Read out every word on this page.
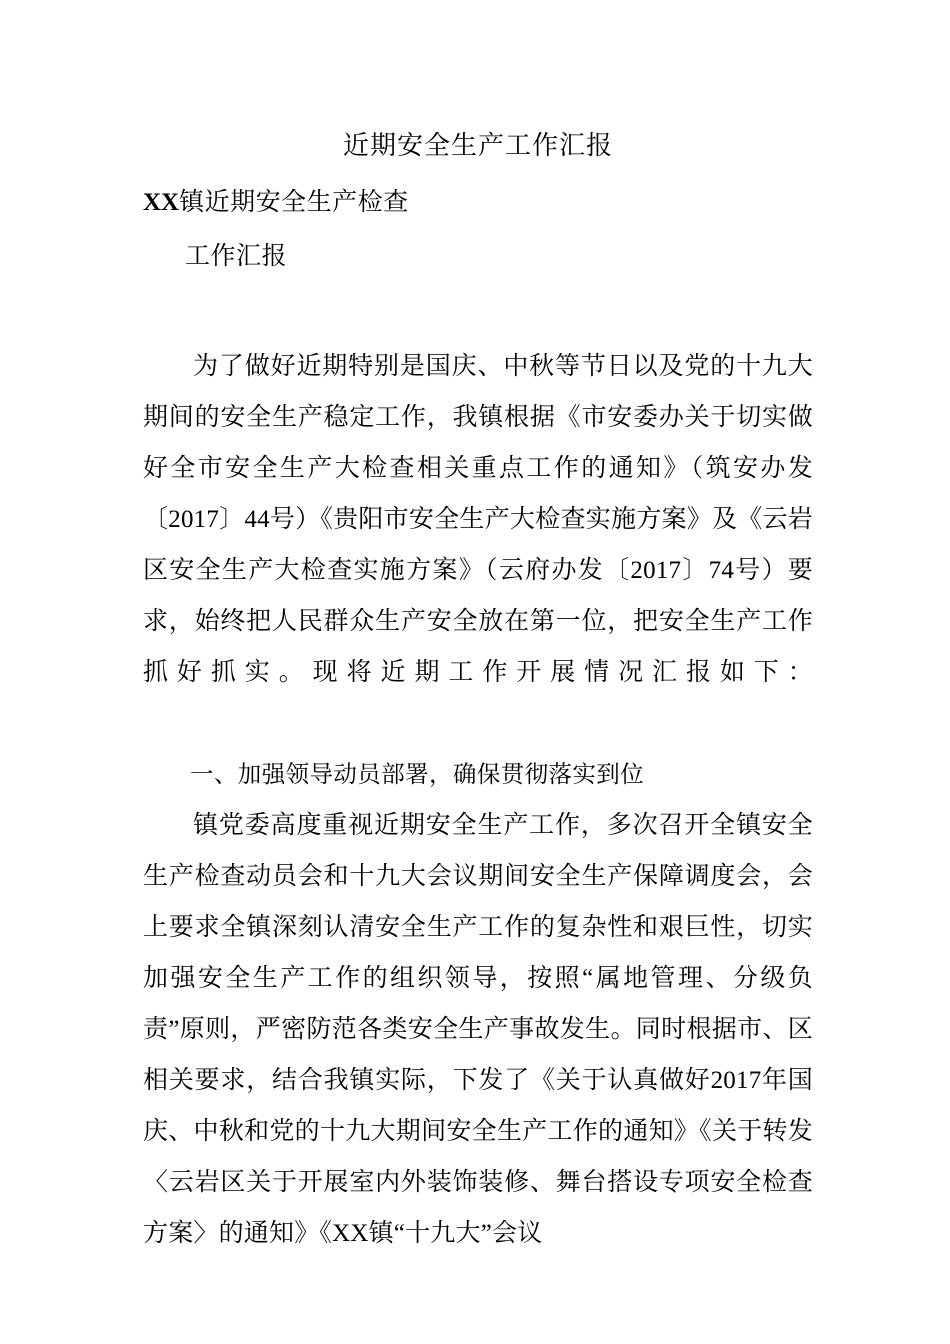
近期安全生产工作汇报
XX镇近期安全生产检查
工作汇报

为了做好近期特别是国庆、中秋等节日以及党的十九大期间的安全生产稳定工作，我镇根据《市安委办关于切实做好全市安全生产大检查相关重点工作的通知》（筑安办发〔2017〕44号）《贵阳市安全生产大检查实施方案》及《云岩区安全生产大检查实施方案》（云府办发〔2017〕74号）要求，始终把人民群众生产安全放在第一位，把安全生产工作抓好抓实。现将近期工作开展情况汇报如下：

一、加强领导动员部署，确保贯彻落实到位

镇党委高度重视近期安全生产工作，多次召开全镇安全生产检查动员会和十九大会议期间安全生产保障调度会，会上要求全镇深刻认清安全生产工作的复杂性和艰巨性，切实加强安全生产工作的组织领导，按照“属地管理、分级负责”原则，严密防范各类安全生产事故发生。同时根据市、区相关要求，结合我镇实际，下发了《关于认真做好2017年国庆、中秋和党的十九大期间安全生产工作的通知》《关于转发〈云岩区关于开展室内外装饰装修、舞台搭设专项安全检查方案〉的通知》《XX镇“十九大”会议
